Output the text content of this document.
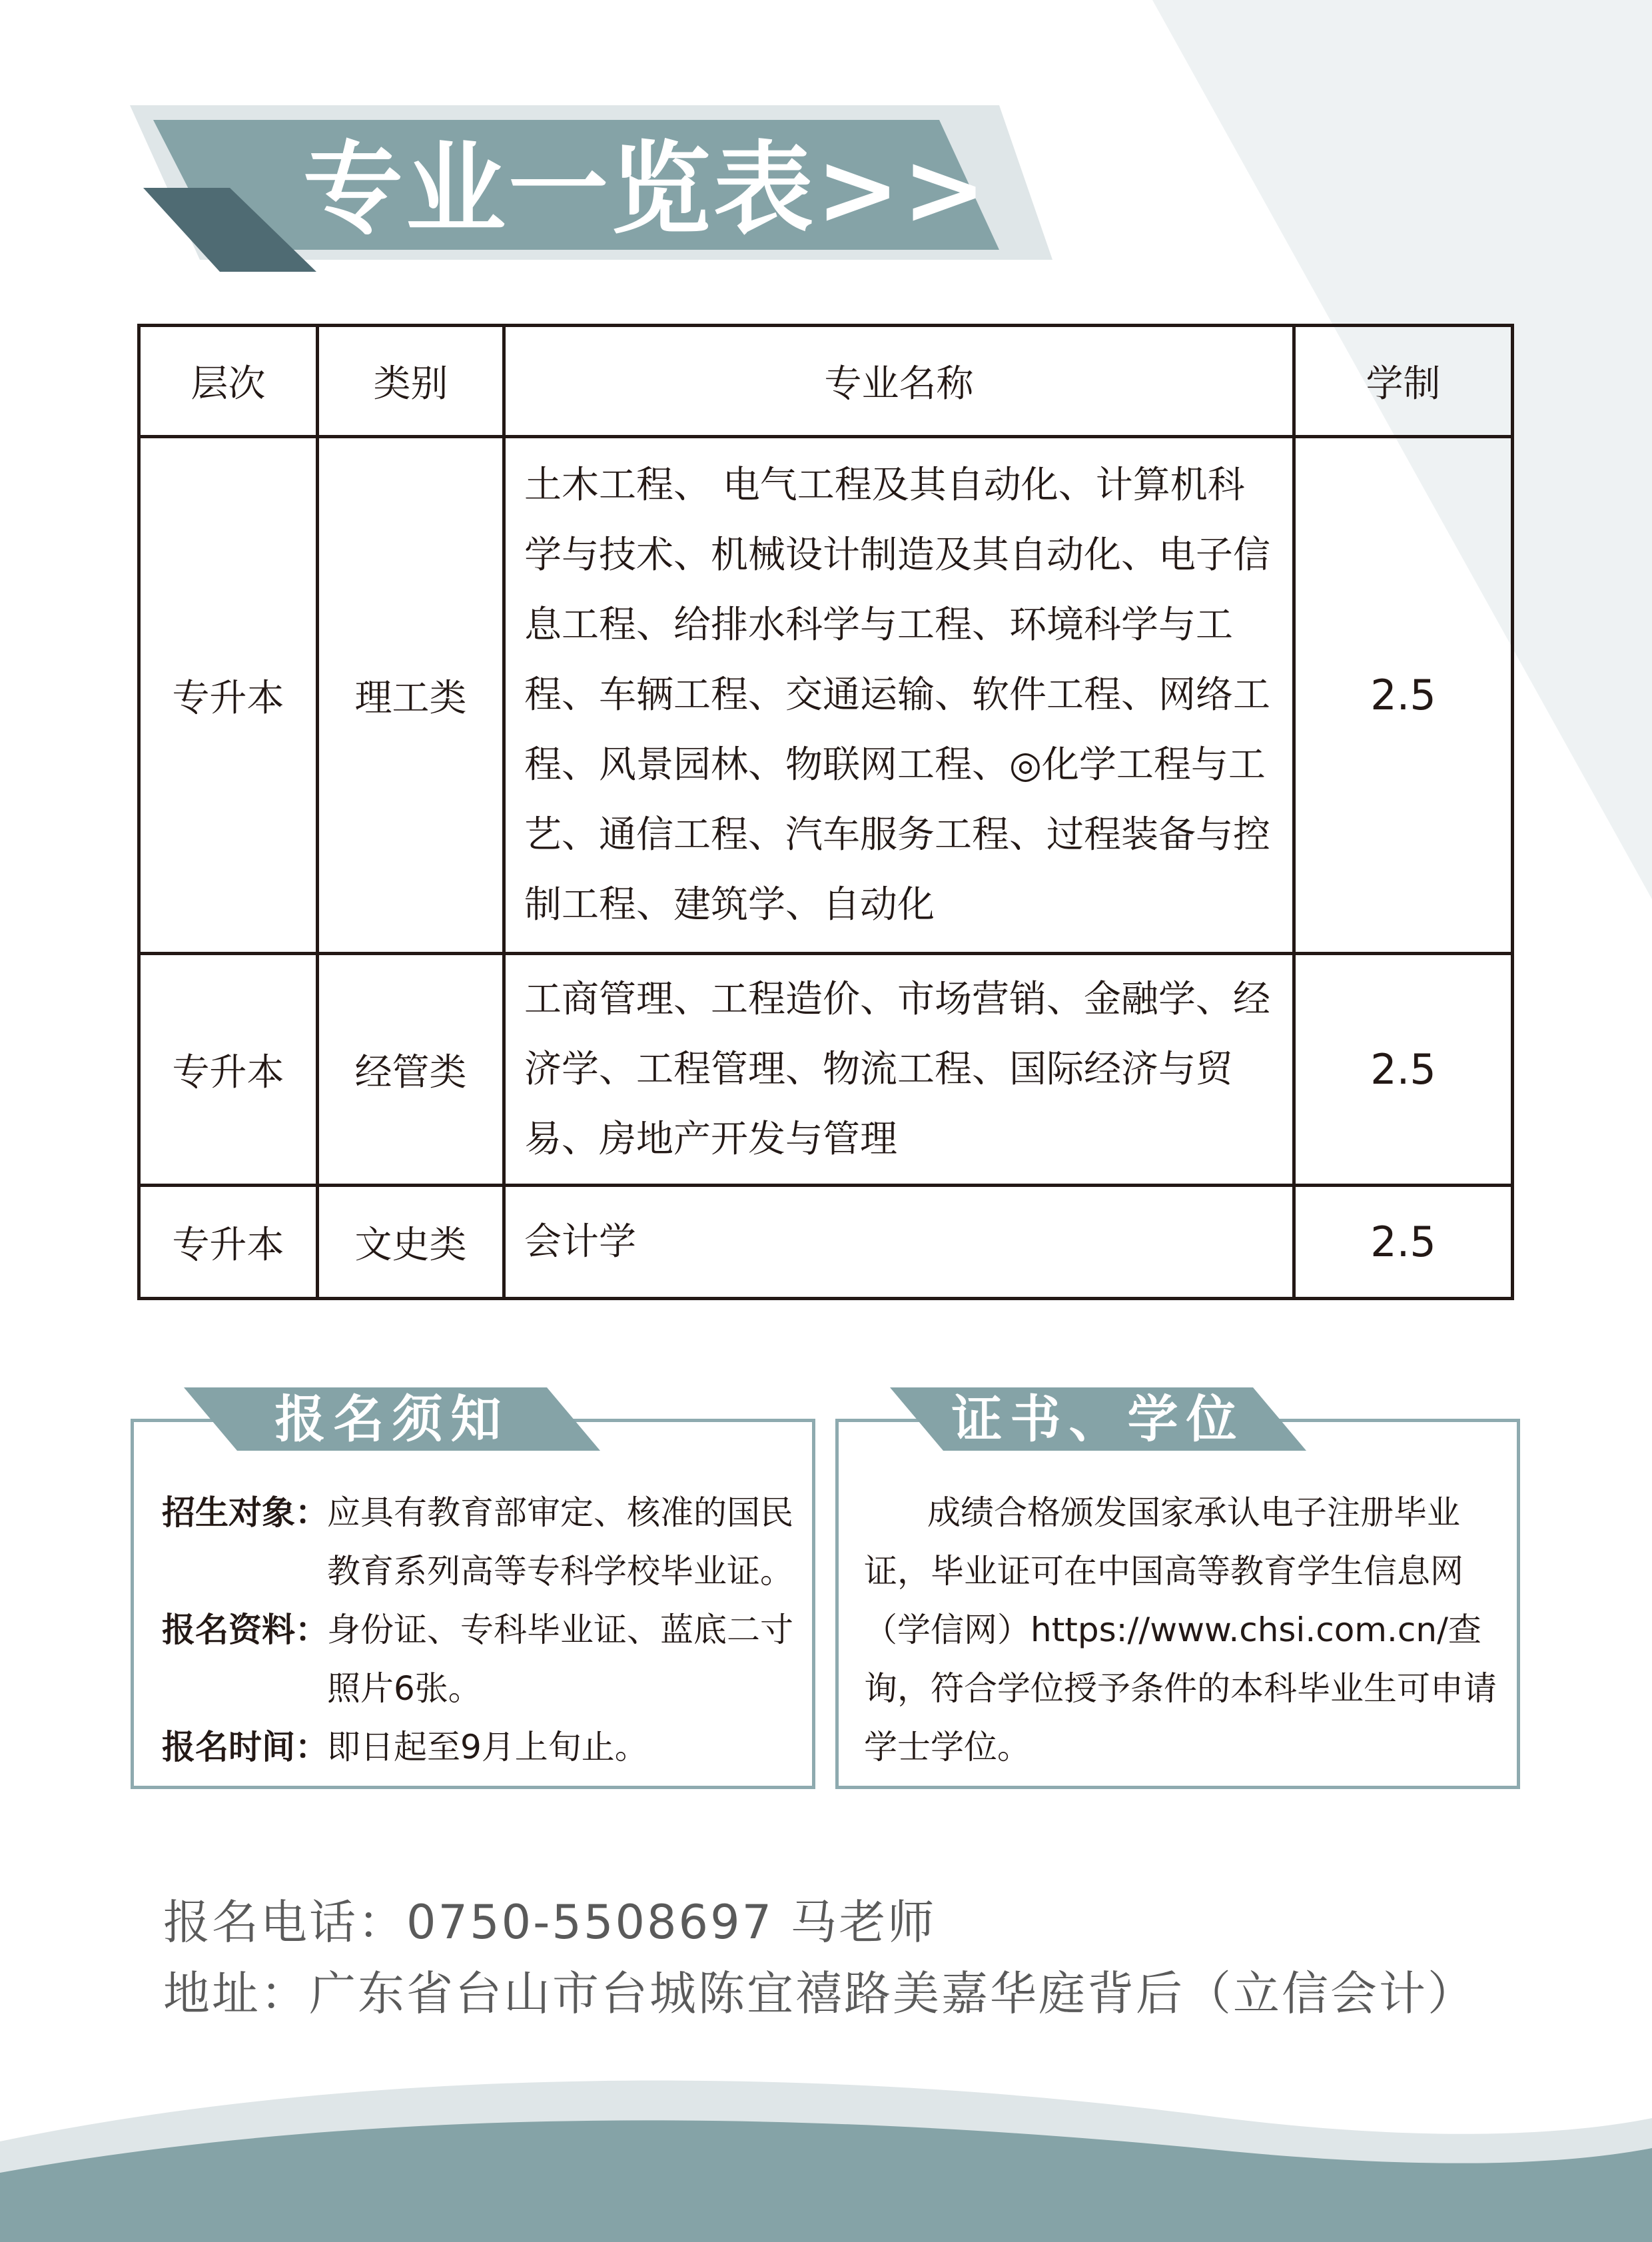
专业一览表>>
层次	类别	专业名称	学制
专升本	理工类	土木工程、 电气工程及其自动化、计算机科学与技术、机械设计制造及其自动化、电子信息工程、给排水科学与工程、环境科学与工程、车辆工程、交通运输、软件工程、网络工程、风景园林、物联网工程、◎化学工程与工艺、通信工程、汽车服务工程、过程装备与控制工程、建筑学、自动化	2.5
专升本	经管类	工商管理、工程造价、市场营销、金融学、经济学、工程管理、物流工程、国际经济与贸易、房地产开发与管理	2.5
专升本	文史类	会计学	2.5
招生对象：
应具有教育部审定、核准的国民教育系列高等专科学校毕业证。
报名资料：
身份证、专科毕业证、蓝底二寸照片6张。
报名时间：
即日起至9月上旬止。
报名须知
成绩合格颁发国家承认电子注册毕业证，毕业证可在中国高等教育学生信息网（学信网）https://www.chsi.com.cn/查询，符合学位授予条件的本科毕业生可申请学士学位。
证书、学位
报名电话：0750-5508697 马老师
地址：广东省台山市台城陈宜禧路美嘉华庭背后（立信会计）
